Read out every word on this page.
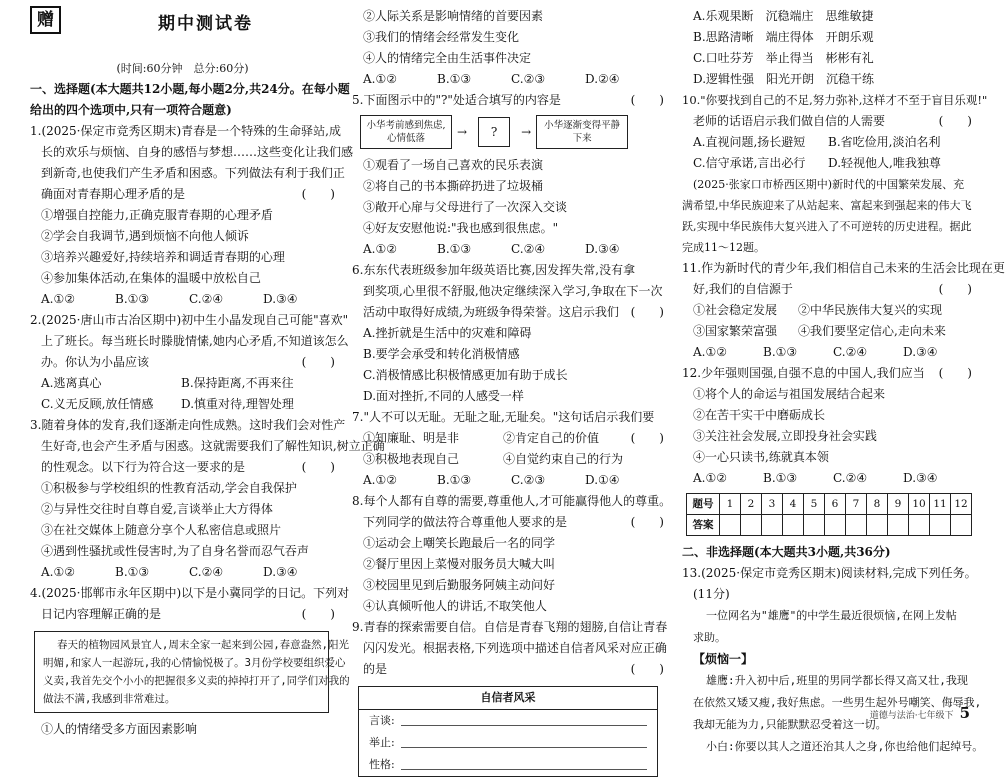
赠	期中测试卷
(时间:60分钟　总分:60分)
一、选择题(本大题共12小题,每小题2分,共24分。在每小题
给出的四个选项中,只有一项符合题意)
1.(2025·保定市竞秀区期末)青春是一个特殊的生命驿站,成
长的欢乐与烦恼、自身的感悟与梦想……这些变化让我们感
到新奇,也使我们产生矛盾和困惑。下列做法有利于我们正
确面对青春期心理矛盾的是	(　　)
①增强自控能力,正确克服青春期的心理矛盾
②学会自我调节,遇到烦恼不向他人倾诉
③培养兴趣爱好,持续培养和调适青春期的心理
④参加集体活动,在集体的温暖中放松自己
A.①②	B.①③	C.②④	D.③④
2.(2025·唐山市古冶区期中)初中生小晶发现自己可能"喜欢"
上了班长。每当班长时滕胧情愫,她内心矛盾,不知道该怎么
办。你认为小晶应该	(　　)
A.逃离真心	B.保持距离,不再来往
C.义无反顾,放任情感 D.慎重对待,理智处理
3.随着身体的发育,我们逐渐走向性成熟。这时我们会对性产
生好奇,也会产生矛盾与困惑。这就需要我们了解性知识,树立正确
的性观念。以下行为符合这一要求的是	(　　)
①积极参与学校组织的性教育活动,学会自我保护
②与异性交往时自尊自爱,言谈举止大方得体
③在社交媒体上随意分享个人私密信息或照片
④遇到性骚扰或性侵害时,为了自身名誉而忍气吞声
A.①②	B.①③	C.②④	D.③④
4.(2025·邯郸市永年区期中)以下是小冀同学的日记。下列对
日记内容理解正确的是	(　　)
春天的植物园风景宜人,周末全家一起来到公园,春意盎然,阳光
明媚,和家人一起游玩,我的心情愉悦极了。3月份学校要组织爱心
义卖,我首先交个小小的把握很多义卖的掉掉打开了,同学们对我的
做法不满,我感到非常难过。
①人的情绪受多方面因素影响
②人际关系是影响情绪的首要因素
③我们的情绪会经常发生变化
④人的情绪完全由生活事件决定
A.①②	B.①③	C.②③	D.②④
5.下面图示中的"?"处适合填写的内容是	(　　)
小华考前感到焦虑,心情低落	→	?	→	小华逐渐变得平静下来
①观看了一场自己喜欢的民乐表演
②将自己的书本撕碎扔进了垃圾桶
③敞开心扉与父母进行了一次深入交谈
④好友安慰他说:"我也感到很焦虑。"
A.①②	B.①③	C.②④	D.③④
6.东东代表班级参加年级英语比赛,因发挥失常,没有拿
到奖项,心里很不舒服,他决定继续深入学习,争取在下一次
活动中取得好成绩,为班级争得荣誉。这启示我们 (　　)
A.挫折就是生活中的灾难和障碍
B.要学会承受和转化消极情感
C.消极情感比积极情感更加有助于成长
D.面对挫折,不同的人感受一样
7."人不可以无耻。无耻之耻,无耻矣。"这句话启示我们要
①知廉耻、明是非	②肯定自己的价值	(　　)
③积极地表现自己	④自觉约束自己的行为
A.①②	B.①③	C.②③	D.①④
8.每个人都有自尊的需要,尊重他人,才可能赢得他人的尊重。
下列同学的做法符合尊重他人要求的是	(　　)
①运动会上嘲笑长跑最后一名的同学
②餐厅里因上菜慢对服务员大喊大叫
③校园里见到后勤服务阿姨主动问好
④认真倾听他人的讲话,不取笑他人
9.青春的探索需要自信。自信是青春飞翔的翅膀,自信让青春
闪闪发光。根据表格,下列选项中描述自信者风采对应正确
的是	(　　)
自信者风采
言谈:
举止:
性格:
A.乐观果断　沉稳端庄　思维敏捷
B.思路清晰　端庄得体　开朗乐观
C.口吐芬芳　举止得当　彬彬有礼
D.逻辑性强　阳光开朗　沉稳干练
10."你要找到自己的不足,努力弥补,这样才不至于盲目乐观!"
老师的话语启示我们做自信的人需要	(　　)
A.直视问题,扬长避短 B.省吃俭用,淡泊名利
C.信守承诺,言出必行 D.轻视他人,唯我独尊
(2025·张家口市桥西区期中)新时代的中国繁荣发展、充
满希望,中华民族迎来了从站起来、富起来到强起来的伟大飞
跃,实现中华民族伟大复兴进入了不可逆转的历史进程。据此
完成11～12题。
11.作为新时代的青少年,我们相信自己未来的生活会比现在更
好,我们的自信源于	(　　)
①社会稳定发展 ②中华民族伟大复兴的实现
③国家繁荣富强 ④我们要坚定信心,走向未来
A.①②	B.①③	C.②④	D.③④
12.少年强则国强,自强不息的中国人,我们应当 (　　)
①将个人的命运与祖国发展结合起来
②在苦干实干中磨砺成长
③关注社会发展,立即投身社会实践
④一心只读书,练就真本领
A.①②	B.①③	C.②④	D.③④
题号	1	2	3	4	5	6	7	8	9	10	11	12
答案												
二、非选择题(本大题共3小题,共36分)
13.(2025·保定市竞秀区期末)阅读材料,完成下列任务。
(11分)
一位网名为"雄鹰"的中学生最近很烦恼,在网上发帖
求助。
【烦恼一】
雄鹰:升入初中后,班里的男同学都长得又高又壮,我现
在依然又矮又瘦,我好焦虑。一些男生起外号嘲笑、侮辱我,
我却无能为力,只能默默忍受着这一切。
小白:你要以其人之道还治其人之身,你也给他们起绰号。
道德与法治·七年级下 5
